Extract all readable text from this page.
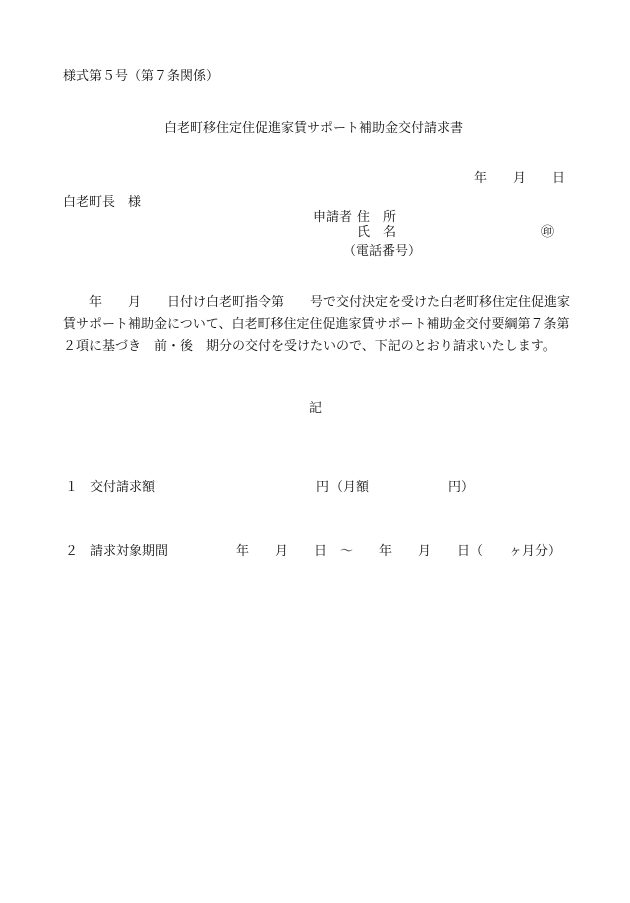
様式第５号（第７条関係）
白老町移住定住促進家賃サポート補助金交付請求書
年　　月　　日
白老町長　様
申請者 住　所
氏　名	㊞
（電話番号）
　　年　　月　　日付け白老町指令第　　号で交付決定を受けた白老町移住定住促進家賃サポート補助金について、白老町移住定住促進家賃サポート補助金交付要綱第７条第２項に基づき　前・後　期分の交付を受けたいので、下記のとおり請求いたします。
記
１ 交付請求額	円 （月額	円）
２ 請求対象期間	年　　月　　日　〜　　年　　月　　日（　　ヶ月分）
